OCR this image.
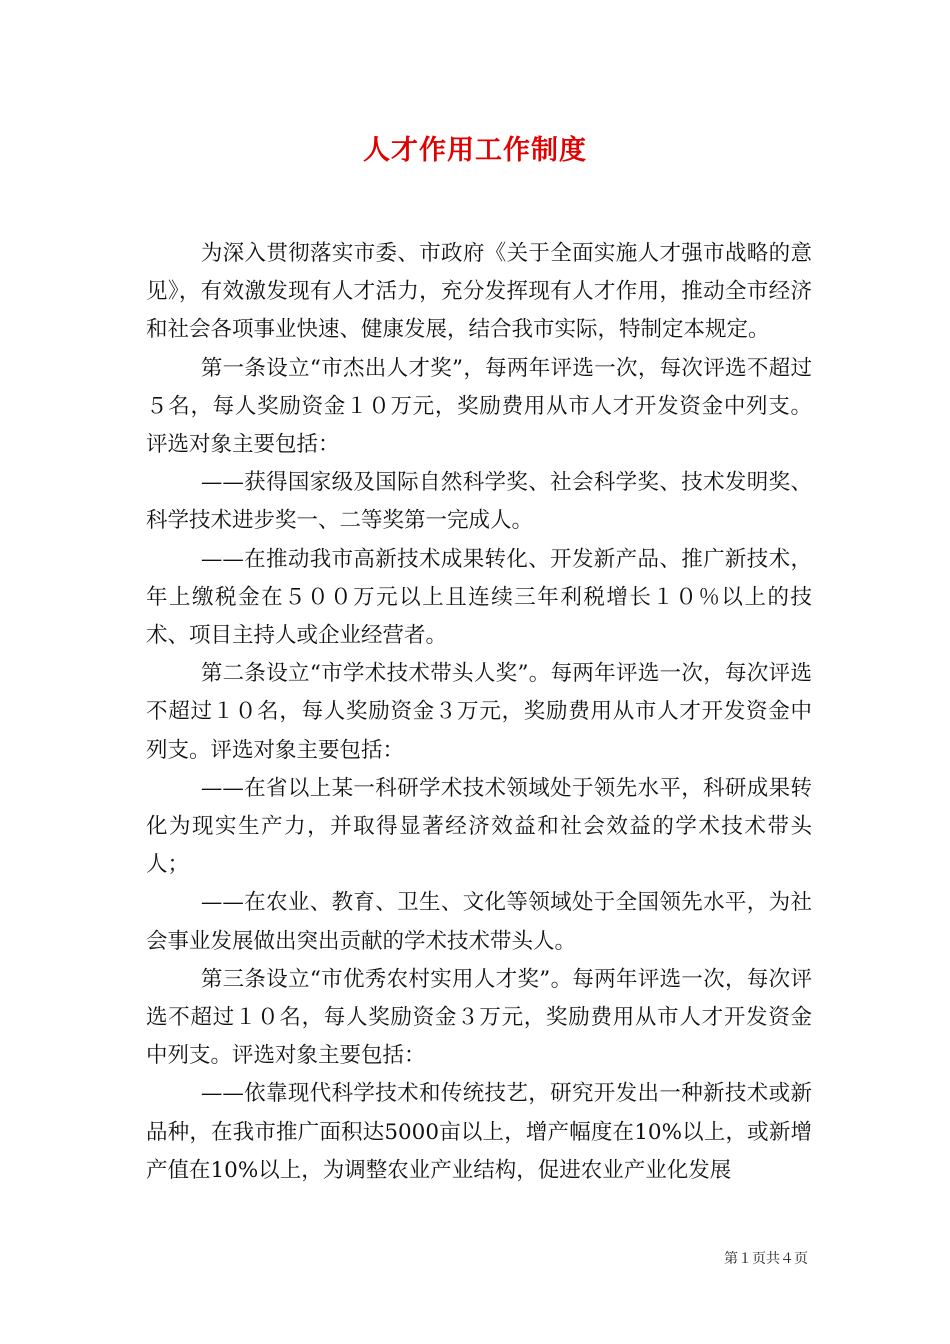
人才作用工作制度

为深入贯彻落实市委、市政府《关于全面实施人才强市战略的意见》，有效激发现有人才活力，充分发挥现有人才作用，推动全市经济和社会各项事业快速、健康发展，结合我市实际，特制定本规定。

第一条设立“市杰出人才奖”，每两年评选一次，每次评选不超过５名，每人奖励资金１０万元，奖励费用从市人才开发资金中列支。评选对象主要包括：

——获得国家级及国际自然科学奖、社会科学奖、技术发明奖、科学技术进步奖一、二等奖第一完成人。

——在推动我市高新技术成果转化、开发新产品、推广新技术，年上缴税金在５００万元以上且连续三年利税增长１０％以上的技术、项目主持人或企业经营者。

第二条设立“市学术技术带头人奖”。每两年评选一次，每次评选不超过１０名，每人奖励资金３万元，奖励费用从市人才开发资金中列支。评选对象主要包括：

——在省以上某一科研学术技术领域处于领先水平，科研成果转化为现实生产力，并取得显著经济效益和社会效益的学术技术带头人；

——在农业、教育、卫生、文化等领域处于全国领先水平，为社会事业发展做出突出贡献的学术技术带头人。

第三条设立“市优秀农村实用人才奖”。每两年评选一次，每次评选不超过１０名，每人奖励资金３万元，奖励费用从市人才开发资金中列支。评选对象主要包括：

——依靠现代科学技术和传统技艺，研究开发出一种新技术或新品种，在我市推广面积达5000亩以上，增产幅度在10%以上，或新增产值在10%以上，为调整农业产业结构，促进农业产业化发展

第１页共４页
